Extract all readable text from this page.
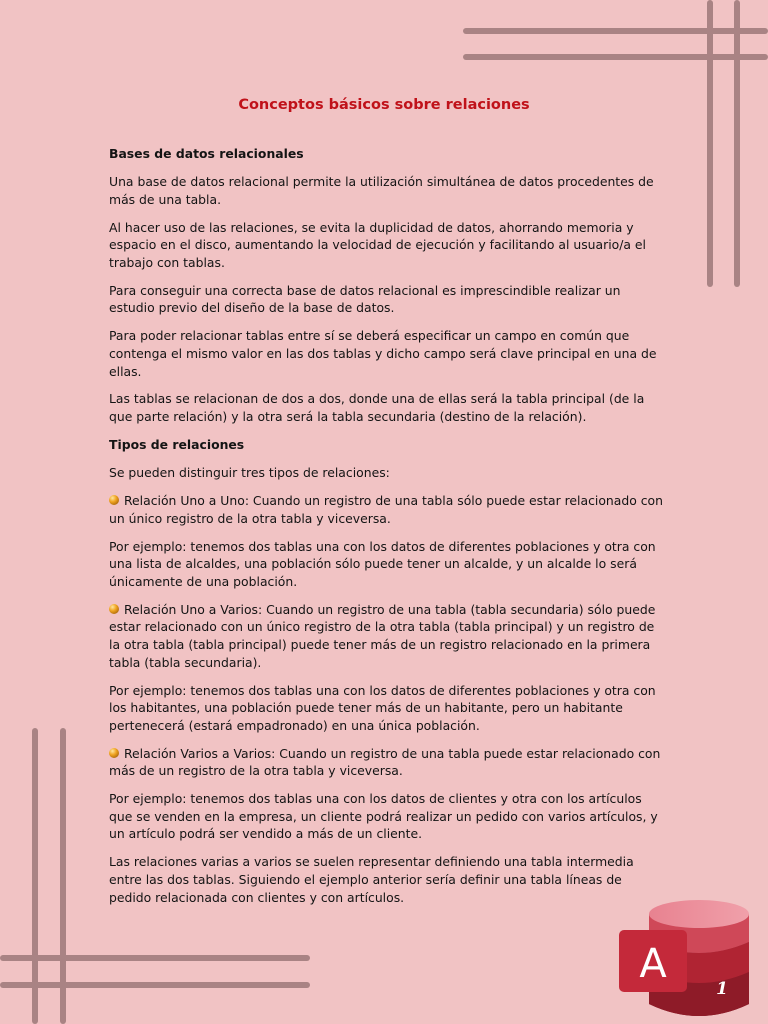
Conceptos básicos sobre relaciones
Bases de datos relacionales

Una base de datos relacional permite la utilización simultánea de datos procedentes de más de una tabla.

Al hacer uso de las relaciones, se evita la duplicidad de datos, ahorrando memoria y espacio en el disco, aumentando la velocidad de ejecución y facilitando al usuario/a el trabajo con tablas.

Para conseguir una correcta base de datos relacional es imprescindible realizar un estudio previo del diseño de la base de datos.

Para poder relacionar tablas entre sí se deberá especificar un campo en común que contenga el mismo valor en las dos tablas y dicho campo será clave principal en una de ellas.

Las tablas se relacionan de dos a dos, donde una de ellas será la tabla principal (de la que parte relación) y la otra será la tabla secundaria (destino de la relación).

Tipos de relaciones

Se pueden distinguir tres tipos de relaciones:

Relación Uno a Uno: Cuando un registro de una tabla sólo puede estar relacionado con un único registro de la otra tabla y viceversa.

Por ejemplo: tenemos dos tablas una con los datos de diferentes poblaciones y otra con una lista de alcaldes, una población sólo puede tener un alcalde, y un alcalde lo será únicamente de una población.

Relación Uno a Varios: Cuando un registro de una tabla (tabla secundaria) sólo puede estar relacionado con un único registro de la otra tabla (tabla principal) y un registro de la otra tabla (tabla principal) puede tener más de un registro relacionado en la primera tabla (tabla secundaria).

Por ejemplo: tenemos dos tablas una con los datos de diferentes poblaciones y otra con los habitantes, una población puede tener más de un habitante, pero un habitante pertenecerá (estará empadronado) en una única población.

Relación Varios a Varios: Cuando un registro de una tabla puede estar relacionado con más de un registro de la otra tabla y viceversa.

Por ejemplo: tenemos dos tablas una con los datos de clientes y otra con los artículos que se venden en la empresa, un cliente podrá realizar un pedido con varios artículos, y un artículo podrá ser vendido a más de un cliente.

Las relaciones varias a varios se suelen representar definiendo una tabla intermedia entre las dos tablas. Siguiendo el ejemplo anterior sería definir una tabla líneas de pedido relacionada con clientes y con artículos.

A
1
